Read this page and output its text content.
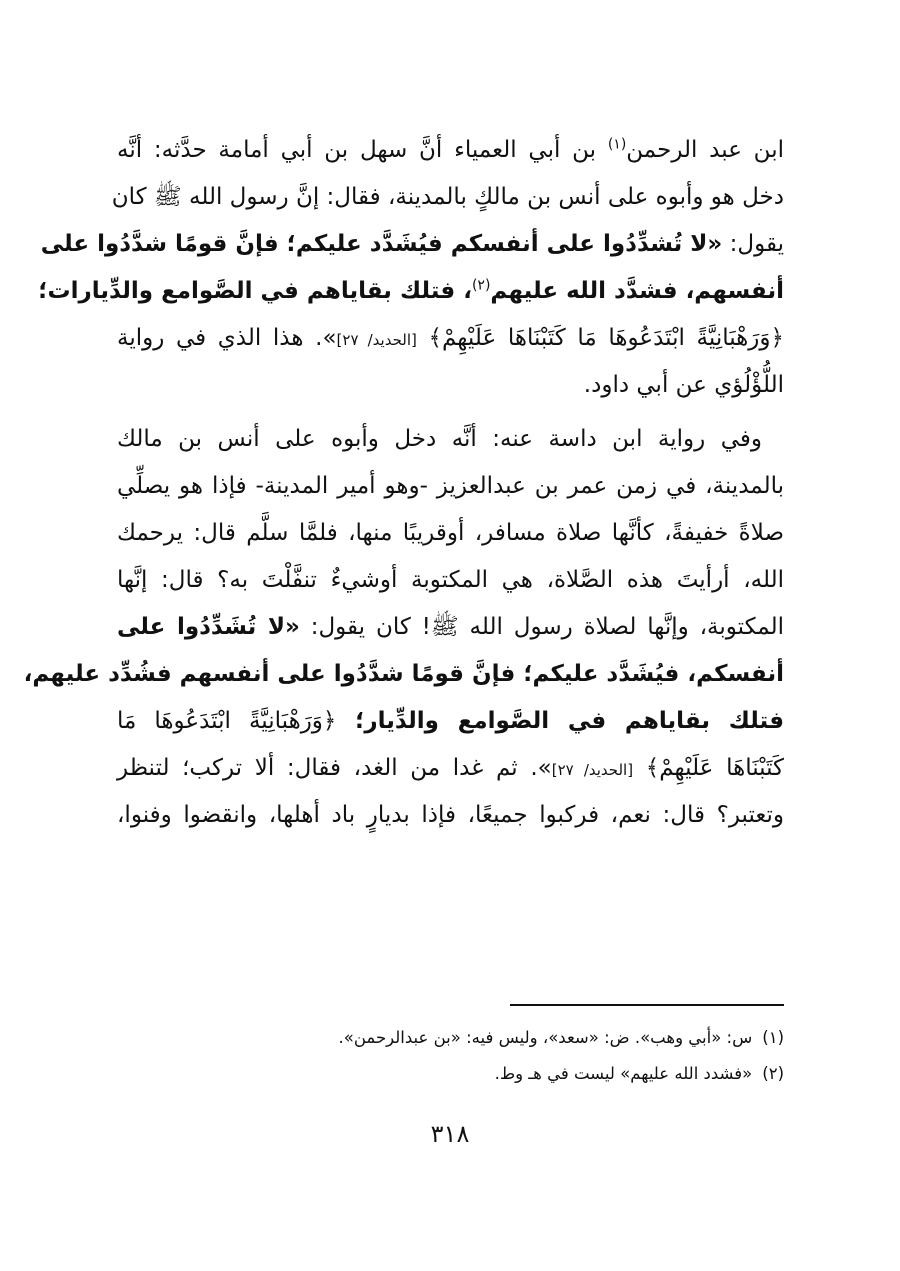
ابن عبد الرحمن$^{(١)}$ بن أبي العمياء أنَّ سهل بن أبي أمامة حدَّثه: أنَّه
دخل هو وأبوه على أنس بن مالكٍ بالمدينة، فقال: إنَّ رسول الله ﷺ كان
يقول: «لا تُشدِّدُوا على أنفسكم فيُشَدَّد عليكم؛ فإنَّ قومًا شدَّدُوا على
أنفسهم، فشدَّد الله عليهم$^{(٢)}$، فتلك بقاياهم في الصَّوامع والدِّيارات؛
﴿وَرَهْبَانِيَّةً ابْتَدَعُوهَا مَا كَتَبْنَاهَا عَلَيْهِمْ﴾ [الحديد/ ٢٧]». هذا الذي في رواية
اللُّؤْلُؤي عن أبي داود.
وفي رواية ابن داسة عنه: أنَّه دخل وأبوه على أنس بن مالك
بالمدينة، في زمن عمر بن عبدالعزيز -وهو أمير المدينة- فإذا هو يصلِّي
صلاةً خفيفةً، كأنَّها صلاة مسافر، أوقريبًا منها، فلمَّا سلَّم قال: يرحمك
الله، أرأيتَ هذه الصَّلاة، هي المكتوبة أوشيءٌ تنفَّلْتَ به؟ قال: إنَّها
المكتوبة، وإنَّها لصلاة رسول الله ﷺ! كان يقول: «لا تُشَدِّدُوا على
أنفسكم، فيُشَدَّد عليكم؛ فإنَّ قومًا شدَّدُوا على أنفسهم فشُدِّد عليهم،
فتلك بقاياهم في الصَّوامع والدِّيار؛ ﴿وَرَهْبَانِيَّةً ابْتَدَعُوهَا مَا
كَتَبْنَاهَا عَلَيْهِمْ﴾ [الحديد/ ٢٧]». ثم غدا من الغد، فقال: ألا تركب؛ لتنظر
وتعتبر؟ قال: نعم، فركبوا جميعًا، فإذا بديارٍ باد أهلها، وانقضوا وفنوا،
(١)س: «أبي وهب». ض: «سعد»، وليس فيه: «بن عبدالرحمن».
(٢)«فشدد الله عليهم» ليست في هـ وط.
٣١٨
